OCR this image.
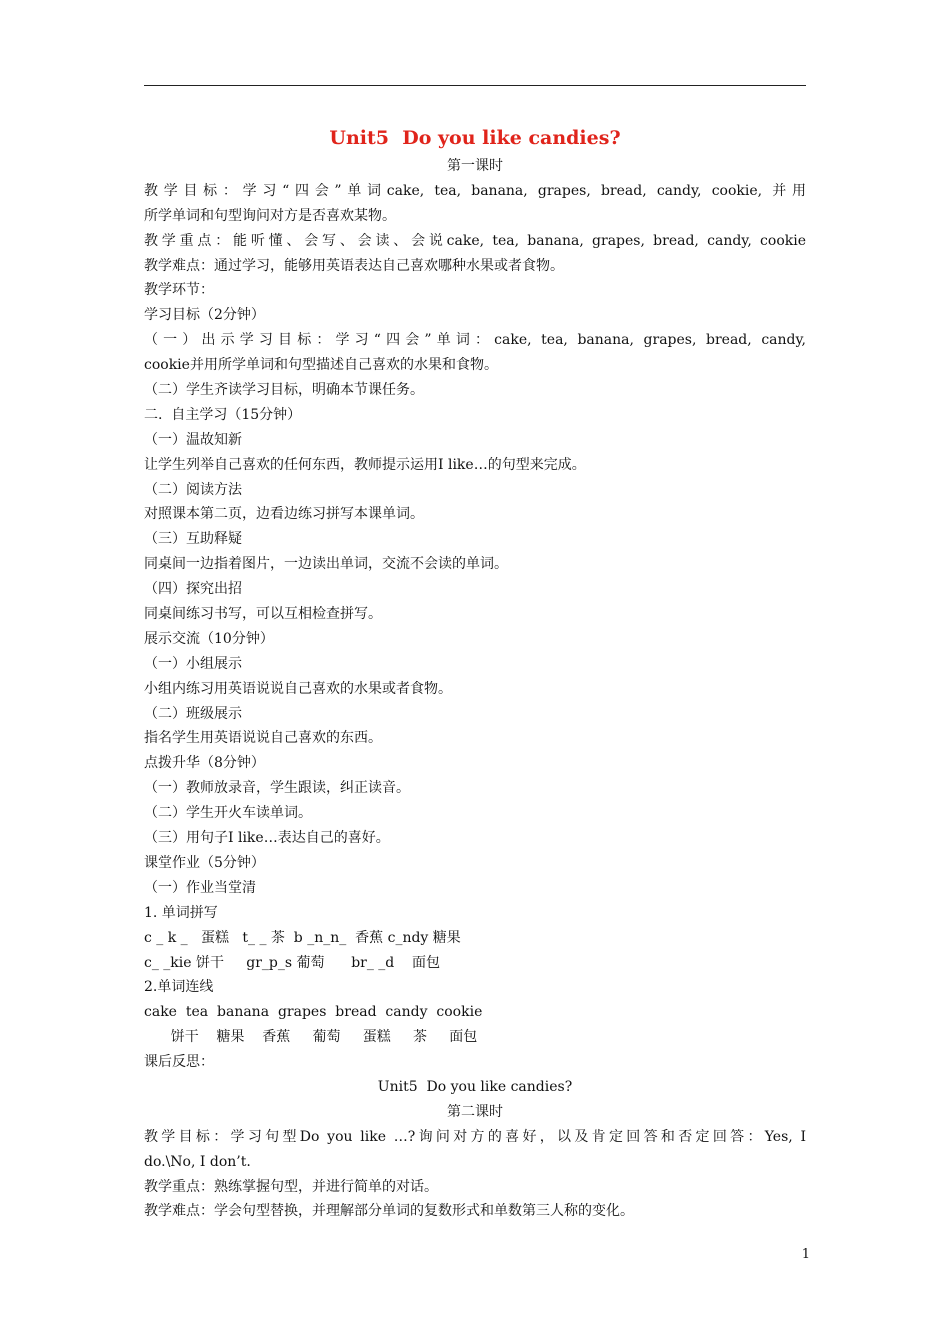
Unit5  Do you like candies?
第一课时
教学目标：学习“四会”单词cake, tea, banana, grapes, bread, candy, cookie, 并用
所学单词和句型询问对方是否喜欢某物。
教学重点：能听懂、会写、会读、会说cake, tea, banana, grapes, bread, candy, cookie
教学难点：通过学习，能够用英语表达自己喜欢哪种水果或者食物。
教学环节：
学习目标（2分钟）
（一）出示学习目标：学习“四会”单词：cake, tea, banana, grapes, bread, candy,
cookie并用所学单词和句型描述自己喜欢的水果和食物。
（二）学生齐读学习目标，明确本节课任务。
二.  自主学习（15分钟）
（一）温故知新
让学生列举自己喜欢的任何东西，教师提示运用I like…的句型来完成。
（二）阅读方法
对照课本第二页，边看边练习拼写本课单词。
（三）互助释疑
同桌间一边指着图片，一边读出单词，交流不会读的单词。
（四）探究出招
同桌间练习书写，可以互相检查拼写。
展示交流（10分钟）
（一）小组展示
小组内练习用英语说说自己喜欢的水果或者食物。
（二）班级展示
指名学生用英语说说自己喜欢的东西。
点拨升华（8分钟）
（一）教师放录音，学生跟读，纠正读音。
（二）学生开火车读单词。
（三）用句子I like…表达自己的喜好。
课堂作业（5分钟）
（一）作业当堂清
1. 单词拼写
c _ k _   蛋糕   t_ _ 茶  b _n_n_  香蕉 c_ndy 糖果
c_ _kie 饼干     gr_p_s 葡萄      br_ _d    面包
2.单词连线
cake  tea  banana  grapes  bread  candy  cookie
饼干    糖果    香蕉     葡萄     蛋糕     茶     面包
课后反思：
Unit5  Do you like candies?
第二课时
教学目标：学习句型Do you like …?询问对方的喜好，以及肯定回答和否定回答：Yes, I
do.\No, I don’t.
教学重点：熟练掌握句型，并进行简单的对话。
教学难点：学会句型替换，并理解部分单词的复数形式和单数第三人称的变化。
1
